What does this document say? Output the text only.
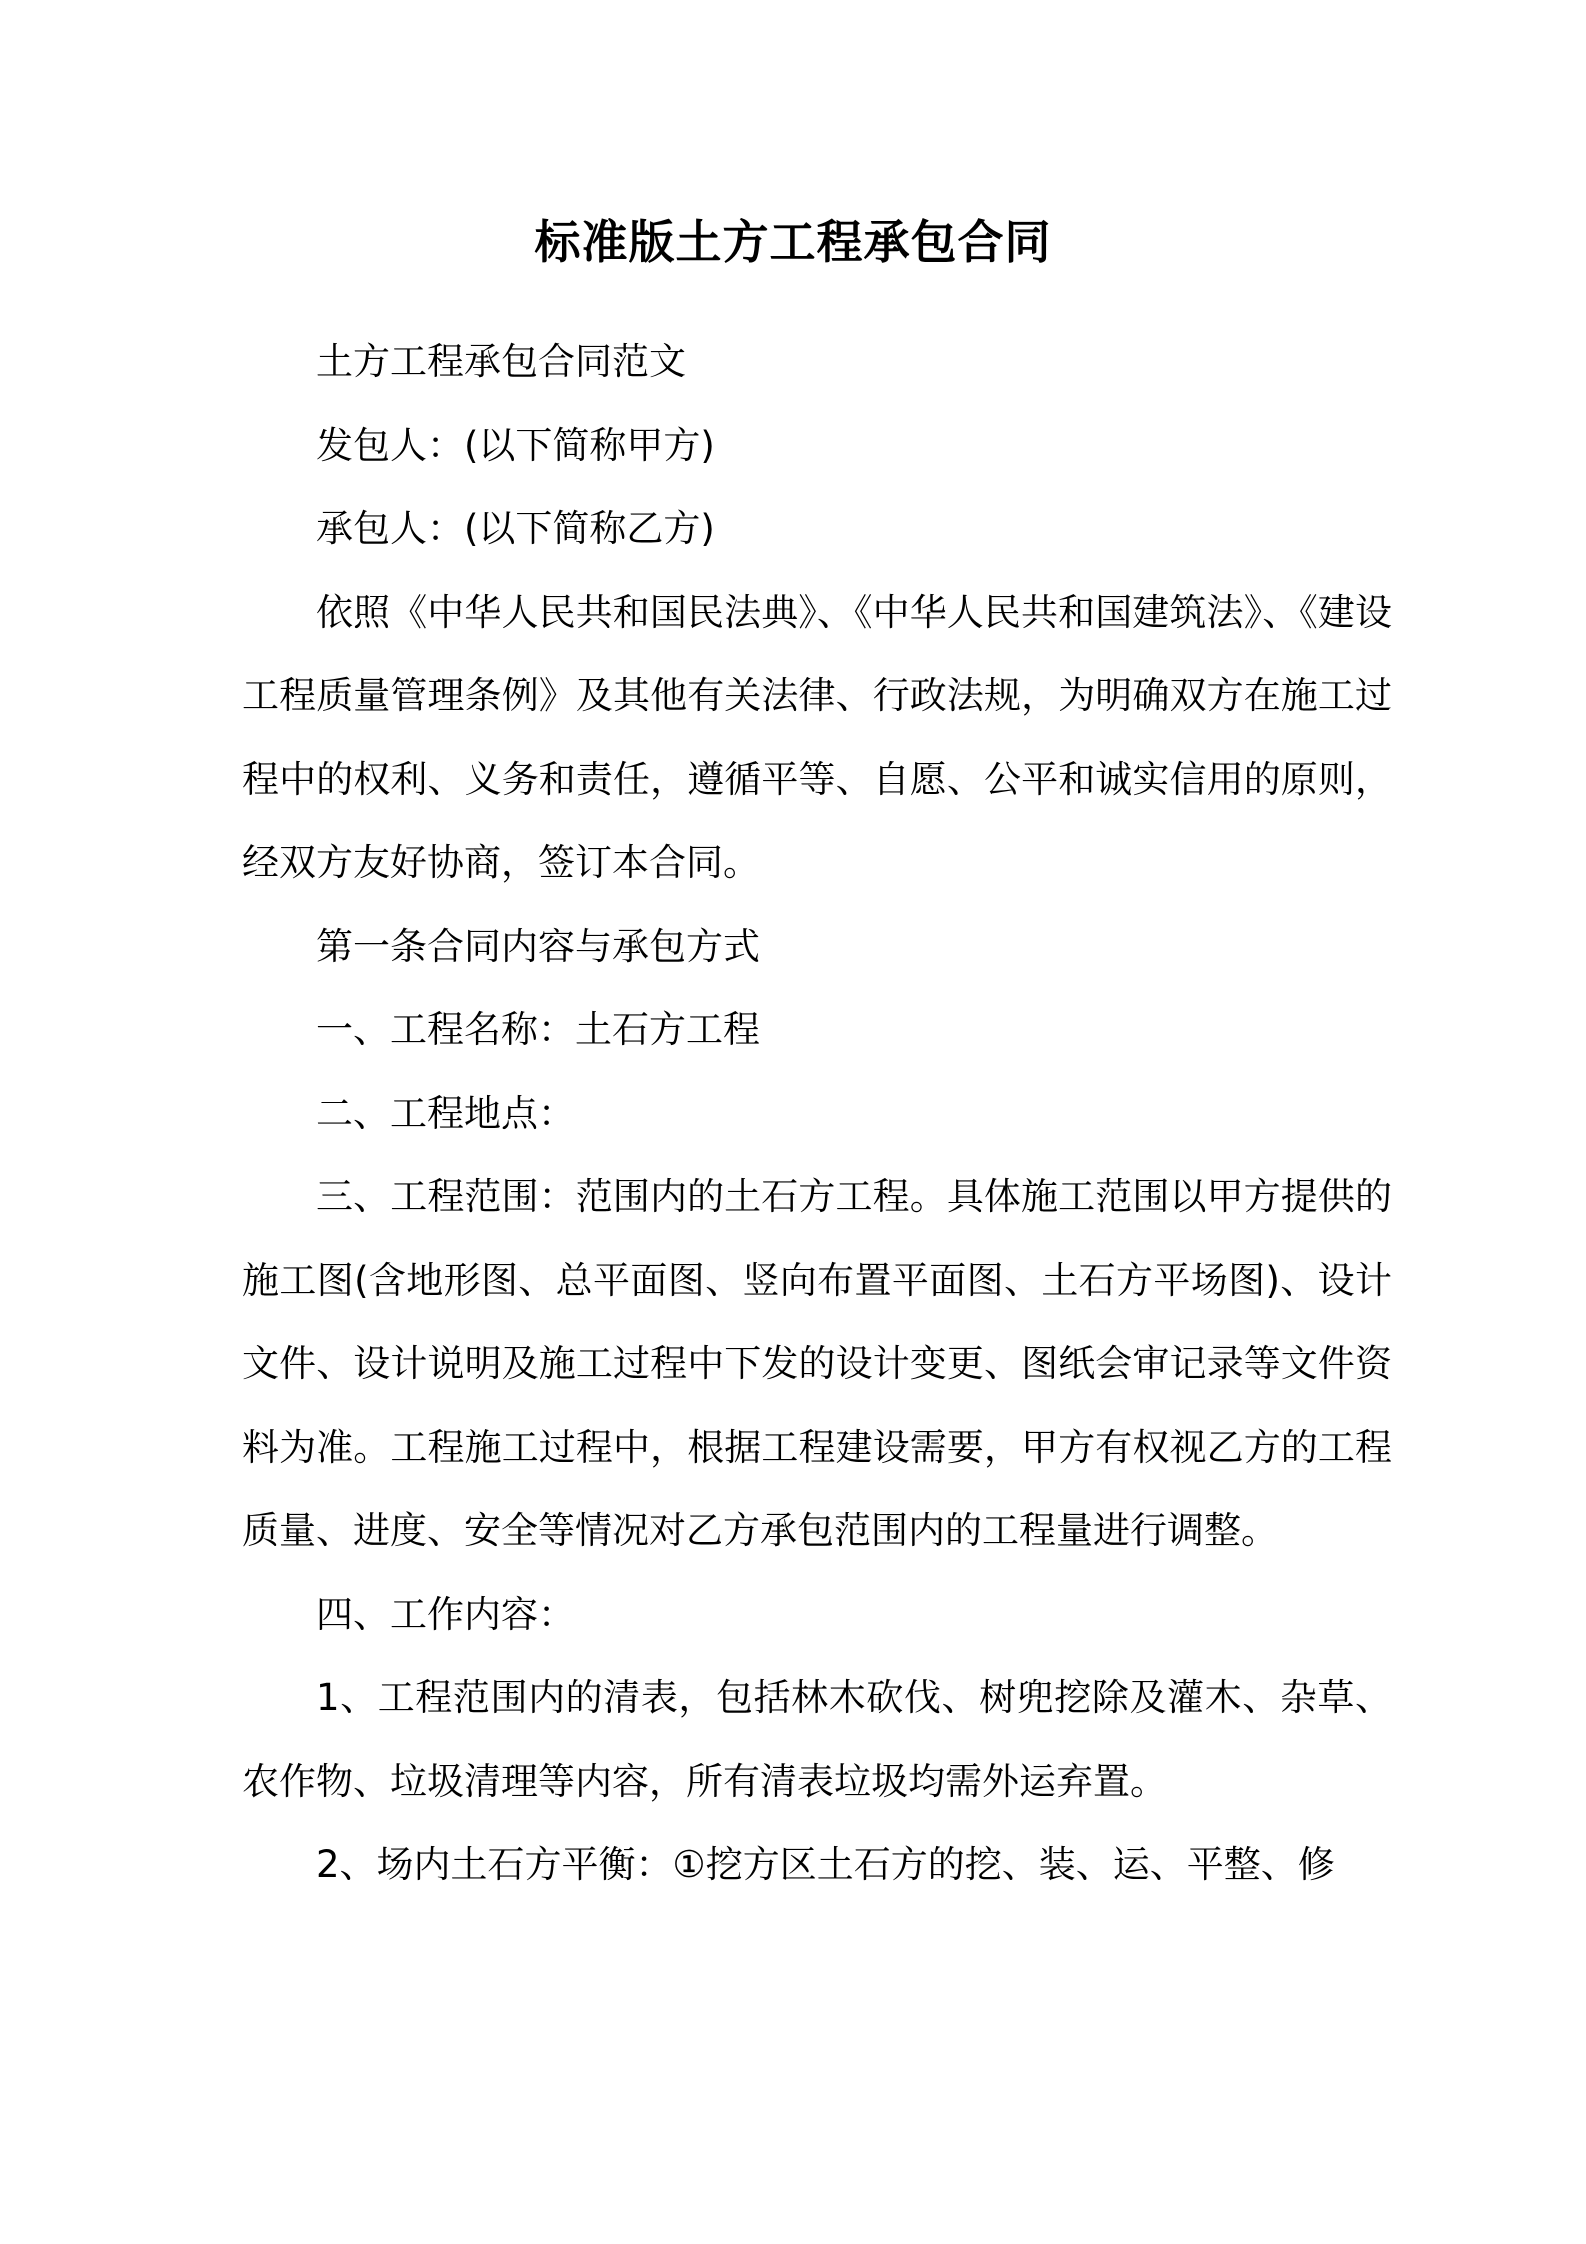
标准版土方工程承包合同

土方工程承包合同范文

发包人：(以下简称甲方)

承包人：(以下简称乙方)

依照《中华人民共和国民法典》、《中华人民共和国建筑法》、《建设工程质量管理条例》及其他有关法律、行政法规，为明确双方在施工过程中的权利、义务和责任，遵循平等、自愿、公平和诚实信用的原则，经双方友好协商，签订本合同。

第一条合同内容与承包方式

一、工程名称：土石方工程

二、工程地点：

三、工程范围：范围内的土石方工程。具体施工范围以甲方提供的施工图(含地形图、总平面图、竖向布置平面图、土石方平场图)、设计文件、设计说明及施工过程中下发的设计变更、图纸会审记录等文件资料为准。工程施工过程中，根据工程建设需要，甲方有权视乙方的工程质量、进度、安全等情况对乙方承包范围内的工程量进行调整。

四、工作内容：

1、工程范围内的清表，包括林木砍伐、树兜挖除及灌木、杂草、农作物、垃圾清理等内容，所有清表垃圾均需外运弃置。

2、场内土石方平衡：①挖方区土石方的挖、装、运、平整、修
